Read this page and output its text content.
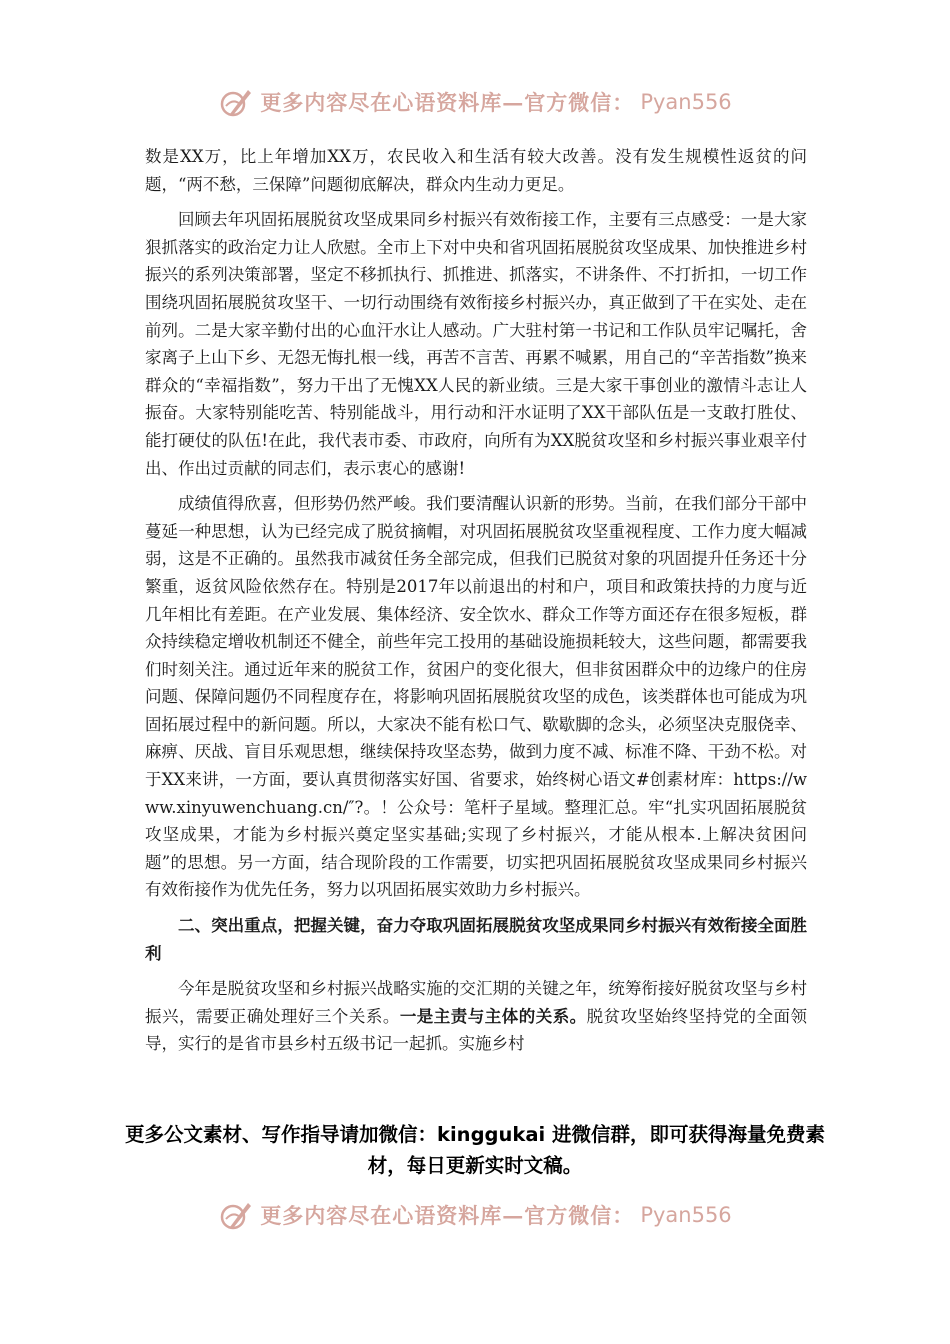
更多内容尽在心语资料库—官方微信： Pyan556

数是XX万，比上年增加XX万，农民收入和生活有较大改善。没有发生规模性返贫的问题，“两不愁，三保障”问题彻底解决，群众内生动力更足。

回顾去年巩固拓展脱贫攻坚成果同乡村振兴有效衔接工作，主要有三点感受：一是大家狠抓落实的政治定力让人欣慰。全市上下对中央和省巩固拓展脱贫攻坚成果、加快推进乡村振兴的系列决策部署，坚定不移抓执行、抓推进、抓落实，不讲条件、不打折扣，一切工作围绕巩固拓展脱贫攻坚干、一切行动围绕有效衔接乡村振兴办，真正做到了干在实处、走在前列。二是大家辛勤付出的心血汗水让人感动。广大驻村第一书记和工作队员牢记嘱托，舍家离子上山下乡、无怨无悔扎根一线，再苦不言苦、再累不喊累，用自己的“辛苦指数”换来群众的“幸福指数”，努力干出了无愧XX人民的新业绩。三是大家干事创业的激情斗志让人振奋。大家特别能吃苦、特别能战斗，用行动和汗水证明了XX干部队伍是一支敢打胜仗、能打硬仗的队伍!在此，我代表市委、市政府，向所有为XX脱贫攻坚和乡村振兴事业艰辛付出、作出过贡献的同志们，表示衷心的感谢!

成绩值得欣喜，但形势仍然严峻。我们要清醒认识新的形势。当前，在我们部分干部中蔓延一种思想，认为已经完成了脱贫摘帽，对巩固拓展脱贫攻坚重视程度、工作力度大幅减弱，这是不正确的。虽然我市减贫任务全部完成，但我们已脱贫对象的巩固提升任务还十分繁重，返贫风险依然存在。特别是2017年以前退出的村和户，项目和政策扶持的力度与近几年相比有差距。在产业发展、集体经济、安全饮水、群众工作等方面还存在很多短板，群众持续稳定增收机制还不健全，前些年完工投用的基础设施损耗较大，这些问题，都需要我们时刻关注。通过近年来的脱贫工作，贫困户的变化很大，但非贫困群众中的边缘户的住房问题、保障问题仍不同程度存在，将影响巩固拓展脱贫攻坚的成色，该类群体也可能成为巩固拓展过程中的新问题。所以，大家决不能有松口气、歇歇脚的念头，必须坚决克服侥幸、麻痹、厌战、盲目乐观思想，继续保持攻坚态势，做到力度不减、标准不降、干劲不松。对于XX来讲，一方面，要认真贯彻落实好国、省要求，始终树心语文#创素材库：https://www.xinyuwenchuang.cn/″?。！公众号：笔杆子星域。整理汇总。牢“扎实巩固拓展脱贫攻坚成果，才能为乡村振兴奠定坚实基础;实现了乡村振兴，才能从根本.上解决贫困问题”的思想。另一方面，结合现阶段的工作需要，切实把巩固拓展脱贫攻坚成果同乡村振兴有效衔接作为优先任务，努力以巩固拓展实效助力乡村振兴。

二、突出重点，把握关键，奋力夺取巩固拓展脱贫攻坚成果同乡村振兴有效衔接全面胜利

今年是脱贫攻坚和乡村振兴战略实施的交汇期的关键之年，统筹衔接好脱贫攻坚与乡村振兴，需要正确处理好三个关系。一是主责与主体的关系。脱贫攻坚始终坚持党的全面领导，实行的是省市县乡村五级书记一起抓。实施乡村

更多公文素材、写作指导请加微信：kinggukai 进微信群，即可获得海量免费素材，每日更新实时文稿。
更多内容尽在心语资料库—官方微信： Pyan556
